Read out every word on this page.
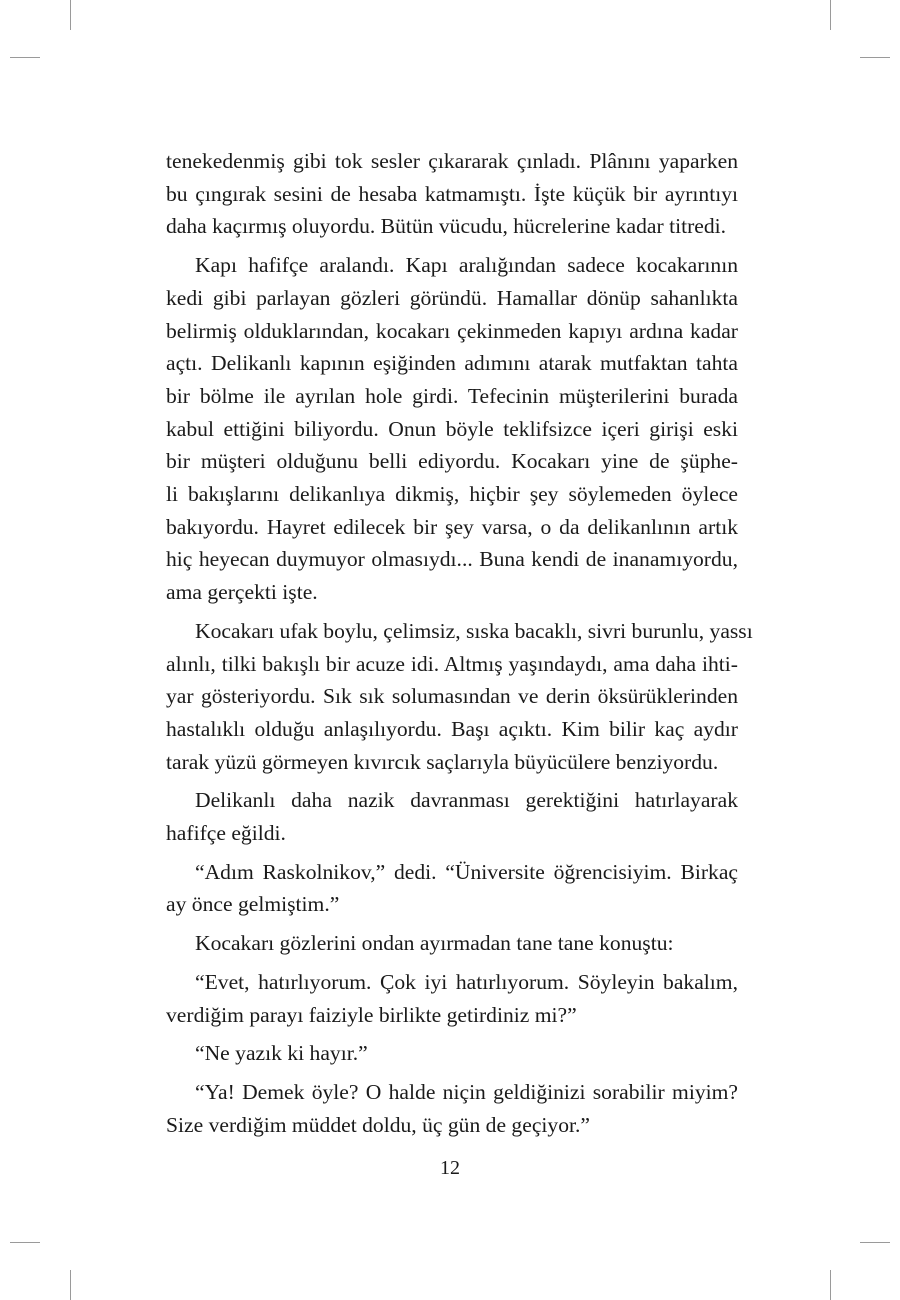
tenekedenmiş gibi tok sesler çıkararak çınladı. Plânını yaparken
bu çıngırak sesini de hesaba katmamıştı. İşte küçük bir ayrıntıyı
daha kaçırmış oluyordu. Bütün vücudu, hücrelerine kadar titredi.

Kapı hafifçe aralandı. Kapı aralığından sadece kocakarının
kedi gibi parlayan gözleri göründü. Hamallar dönüp sahanlıkta
belirmiş olduklarından, kocakarı çekinmeden kapıyı ardına kadar
açtı. Delikanlı kapının eşiğinden adımını atarak mutfaktan tahta
bir bölme ile ayrılan hole girdi. Tefecinin müşterilerini burada
kabul ettiğini biliyordu. Onun böyle teklifsizce içeri girişi eski
bir müşteri olduğunu belli ediyordu. Kocakarı yine de şüphe-
li bakışlarını delikanlıya dikmiş, hiçbir şey söylemeden öylece
bakıyordu. Hayret edilecek bir şey varsa, o da delikanlının artık
hiç heyecan duymuyor olmasıydı... Buna kendi de inanamıyordu,
ama gerçekti işte.

Kocakarı ufak boylu, çelimsiz, sıska bacaklı, sivri burunlu, yassı
alınlı, tilki bakışlı bir acuze idi. Altmış yaşındaydı, ama daha ihti-
yar gösteriyordu. Sık sık solumasından ve derin öksürüklerinden
hastalıklı olduğu anlaşılıyordu. Başı açıktı. Kim bilir kaç aydır
tarak yüzü görmeyen kıvırcık saçlarıyla büyücülere benziyordu.

Delikanlı daha nazik davranması gerektiğini hatırlayarak
hafifçe eğildi.

“Adım Raskolnikov,” dedi. “Üniversite öğrencisiyim. Birkaç
ay önce gelmiştim.”

Kocakarı gözlerini ondan ayırmadan tane tane konuştu:

“Evet, hatırlıyorum. Çok iyi hatırlıyorum. Söyleyin bakalım,
verdiğim parayı faiziyle birlikte getirdiniz mi?”

“Ne yazık ki hayır.”

“Ya! Demek öyle? O halde niçin geldiğinizi sorabilir miyim?
Size verdiğim müddet doldu, üç gün de geçiyor.”

12
